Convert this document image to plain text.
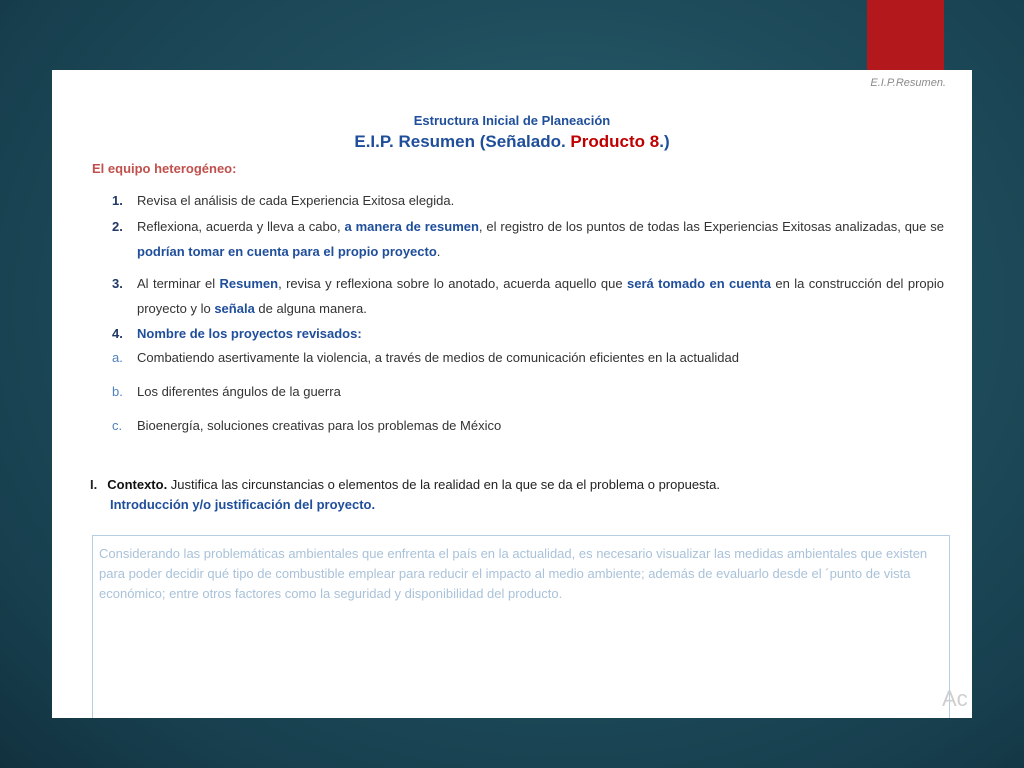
E.I.P.Resumen.
Estructura Inicial de Planeación
E.I.P. Resumen (Señalado. Producto 8.)
El equipo heterogéneo:
1.	Revisa el análisis de cada Experiencia Exitosa elegida.
2.	Reflexiona, acuerda y lleva a cabo, a manera de resumen, el registro de los puntos de todas las Experiencias Exitosas analizadas, que se podrían tomar en cuenta para el propio proyecto.
3.	Al terminar el Resumen, revisa y reflexiona sobre lo anotado, acuerda aquello que será tomado en cuenta en la construcción del propio proyecto y lo señala de alguna manera.
4.	Nombre de los proyectos revisados:
a.	Combatiendo asertivamente la violencia, a través de medios de comunicación eficientes en la actualidad
b.	Los diferentes ángulos de la guerra
c.	Bioenergía, soluciones creativas para los problemas de México
I. Contexto. Justifica las circunstancias o elementos de la realidad en la que se da el problema o propuesta.
Introducción y/o justificación del proyecto.
Considerando las problemáticas ambientales que enfrenta el país en la actualidad, es necesario visualizar las medidas ambientales que existen para poder decidir qué tipo de combustible emplear para reducir el impacto al medio ambiente; además de evaluarlo desde el ´punto de vista económico; entre otros factores como la seguridad y disponibilidad del producto.
Ac
